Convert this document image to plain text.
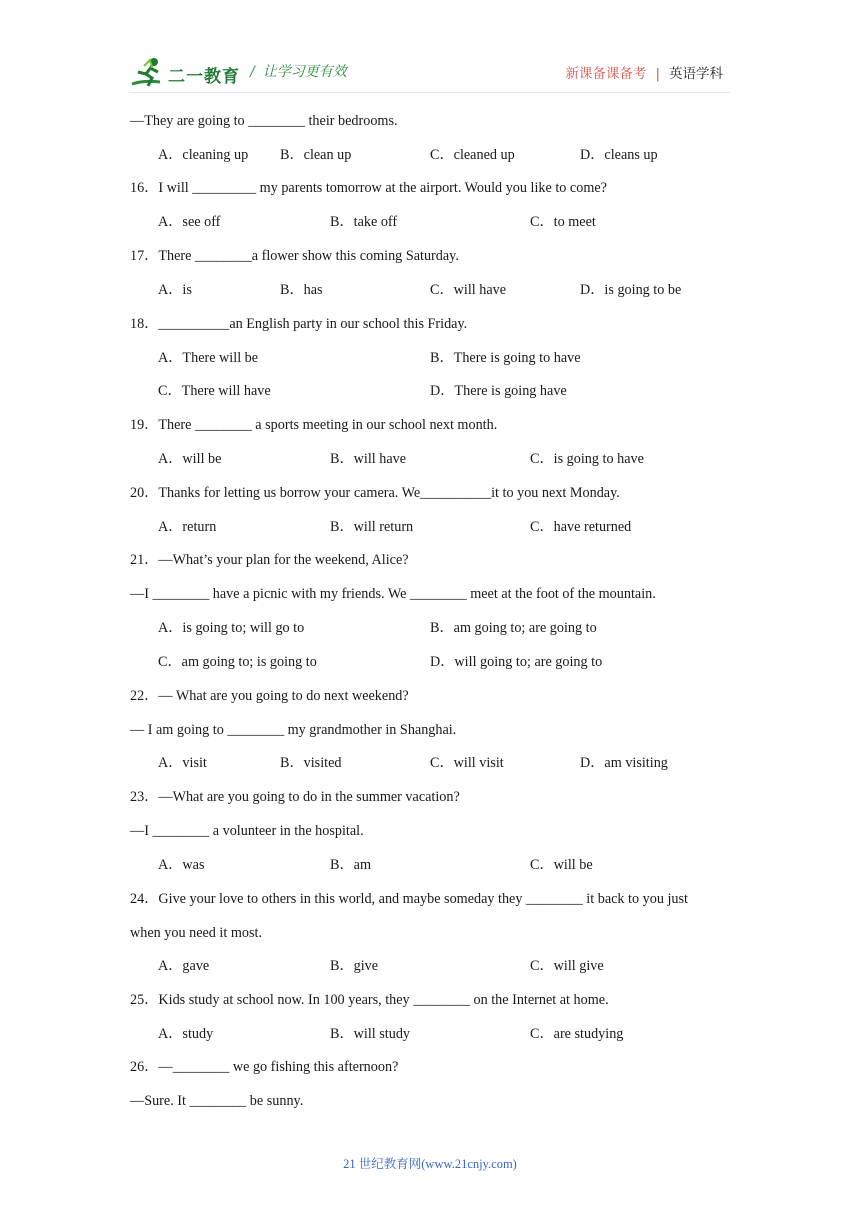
二一教育 / 让学习更有效	新课备课备考 | 英语学科
21 世纪教育网(www.21cnjy.com)
—They are going to ________ their bedrooms.
A．cleaning up B．clean up	C．cleaned up	D．cleans up
16．I will _________ my parents tomorrow at the airport. Would you like to come?
A．see off	B．take off	C．to meet
17．There ________a flower show this coming Saturday.
A．is	B．has	C．will have	D．is going to be
18．__________an English party in our school this Friday.
A．There will be	B．There is going to have
C．There will have	D．There is going have
19．There ________ a sports meeting in our school next month.
A．will be	B．will have	C．is going to have
20．Thanks for letting us borrow your camera. We__________it to you next Monday.
A．return	B．will return	C．have returned
21．—What’s your plan for the weekend, Alice?
—I ________ have a picnic with my friends. We ________ meet at the foot of the mountain.
A．is going to; will go to	B．am going to; are going to
C．am going to; is going to	D．will going to; are going to
22．— What are you going to do next weekend?
— I am going to ________ my grandmother in Shanghai.
A．visit	B．visited	C．will visit	D．am visiting
23．—What are you going to do in the summer vacation?
—I ________ a volunteer in the hospital.
A．was	B．am	C．will be
24．Give your love to others in this world, and maybe someday they ________ it back to you just
when you need it most.
A．gave	B．give	C．will give
25．Kids study at school now. In 100 years, they ________ on the Internet at home.
A．study	B．will study	C．are studying
26．—________ we go fishing this afternoon?
—Sure. It ________ be sunny.
